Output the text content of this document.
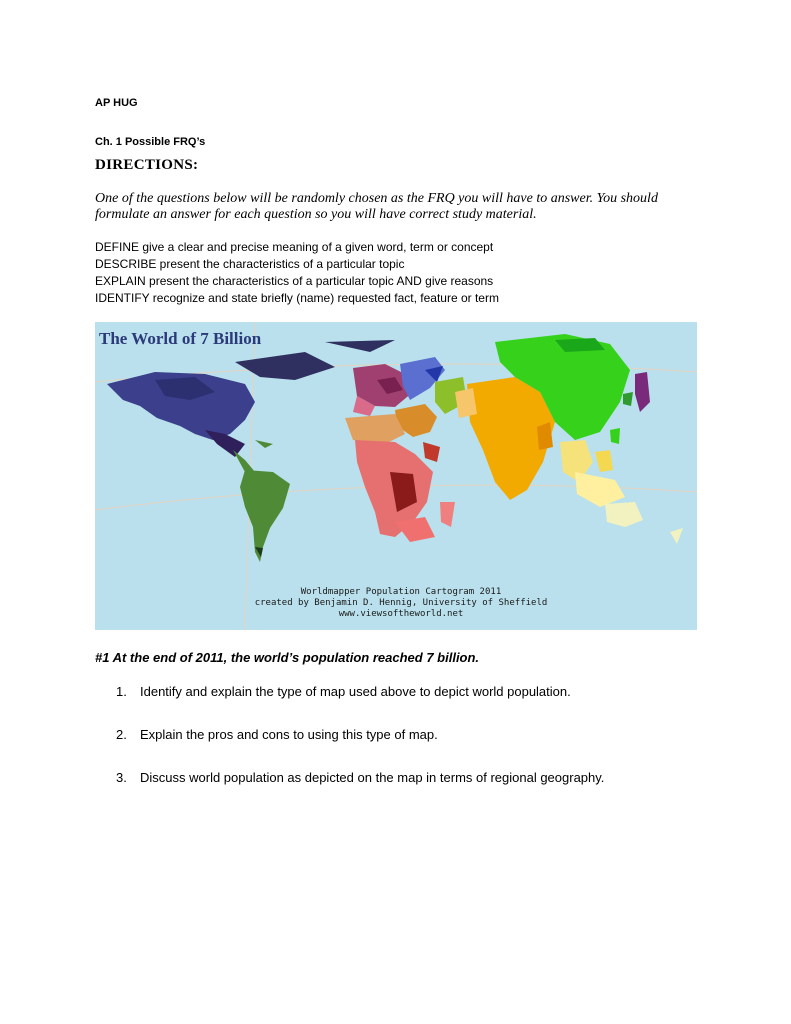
AP HUG
Ch. 1 Possible FRQ’s
DIRECTIONS:
One of the questions below will be randomly chosen as the FRQ you will have to answer. You should formulate an answer for each question so you will have correct study material.
DEFINE give a clear and precise meaning of a given word, term or concept
DESCRIBE present the characteristics of a particular topic
EXPLAIN present the characteristics of a particular topic AND give reasons
IDENTIFY recognize and state briefly (name) requested fact, feature or term
The World of 7 Billion
Worldmapper Population Cartogram 2011
created by Benjamin D. Hennig, University of Sheffield
www.viewsoftheworld.net
#1 At the end of 2011, the world’s population reached 7 billion.
1. Identify and explain the type of map used above to depict world population.
2. Explain the pros and cons to using this type of map.
3. Discuss world population as depicted on the map in terms of regional geography.
